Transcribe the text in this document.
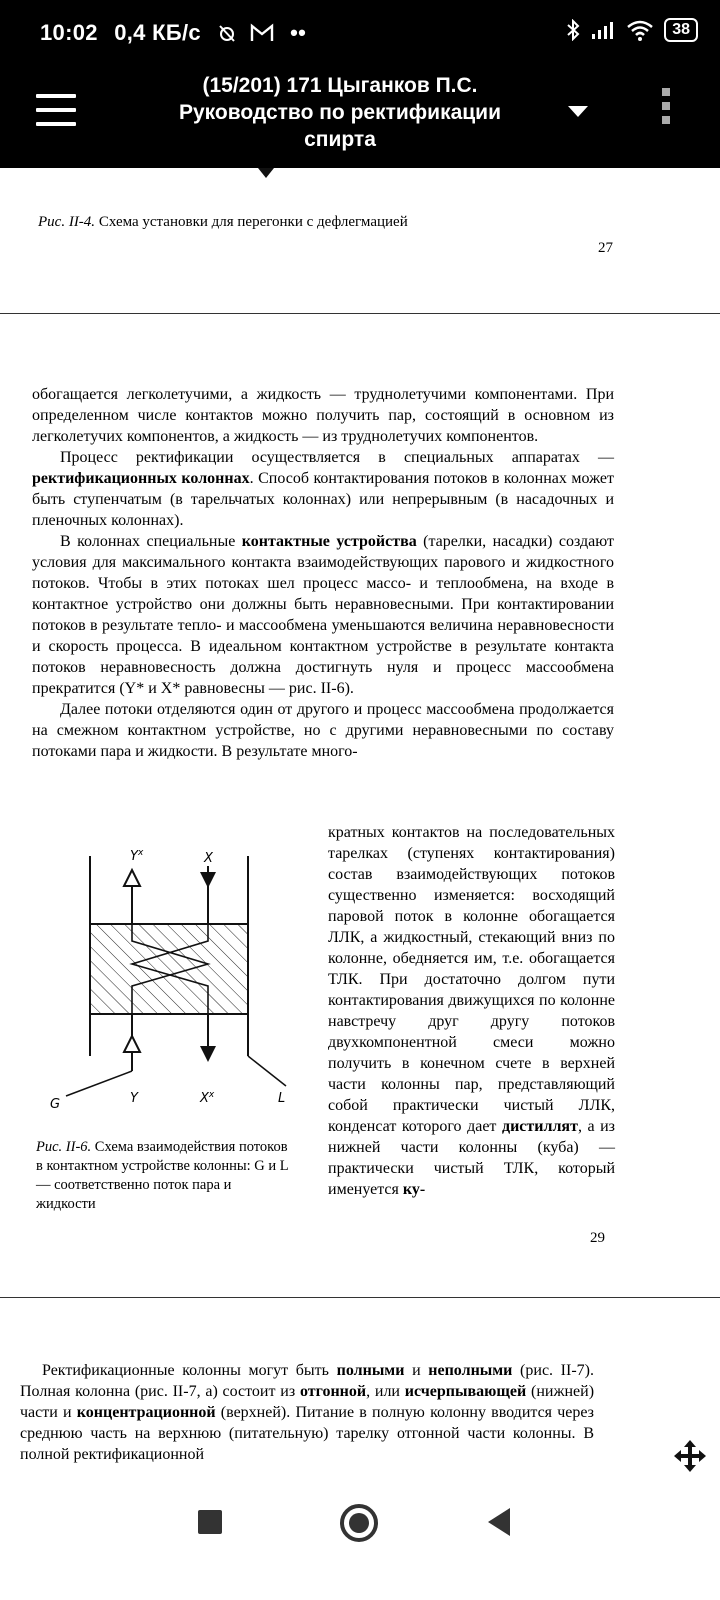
10:02 0,4 КБ/с	••	38
(15/201) 171 Цыганков П.С.
Руководство по ректификации
спирта
Рис. II-4. Схема установки для перегонки с дефлегмацией
27

обогащается легколетучими, а жидкость — труднолетучими компонентами. При определенном числе контактов можно получить пар, состоящий в основном из легколетучих компонентов, а жидкость — из труднолетучих компонентов.

Процесс ректификации осуществляется в специальных аппаратах — ректификационных колоннах. Способ контактирования потоков в колоннах может быть ступенчатым (в тарельчатых колоннах) или непрерывным (в насадочных и пленочных колоннах).

В колоннах специальные контактные устройства (тарелки, насадки) создают условия для максимального контакта взаимодействующих парового и жидкостного потоков. Чтобы в этих потоках шел процесс массо- и теплообмена, на входе в контактное устройство они должны быть неравновесными. При контактировании потоков в результате тепло- и массообмена уменьшаются величина неравновесности и скорость процесса. В идеальном контактном устройстве в результате контакта потоков неравновесность должна достигнуть нуля и процесс массообмена прекратится (Y* и X* равновесны — рис. II-6).

Далее потоки отделяются один от другого и процесс массообмена продолжается на смежном контактном устройстве, но с другими неравновесными по составу потоками пара и жидкости. В результате много-

$Y^x$	X
G	Y	$X^x$	L
Рис. II-6. Схема взаимодействия потоков в контактном устройстве колонны: G и L — соответственно поток пара и жидкости
кратных контактов на последовательных тарелках (ступенях контактирования) состав взаимодействующих потоков существенно изменяется: восходящий паровой поток в колонне обогащается ЛЛК, а жидкостный, стекающий вниз по колонне, обедняется им, т.е. обогащается ТЛК. При достаточно долгом пути контактирования движущихся по колонне навстречу друг другу потоков двухкомпонентной смеси можно получить в конечном счете в верхней части колонны пар, представляющий собой практически чистый ЛЛК, конденсат которого дает дистиллят, а из нижней части колонны (куба) — практически чистый ТЛК, который именуется ку-
29

Ректификационные колонны могут быть полными и неполными (рис. II-7). Полная колонна (рис. II-7, а) состоит из отгонной, или исчерпывающей (нижней) части и концентрационной (верхней). Питание в полную колонну вводится через среднюю часть на верхнюю (питательную) тарелку отгонной части колонны. В полной ректификационной
